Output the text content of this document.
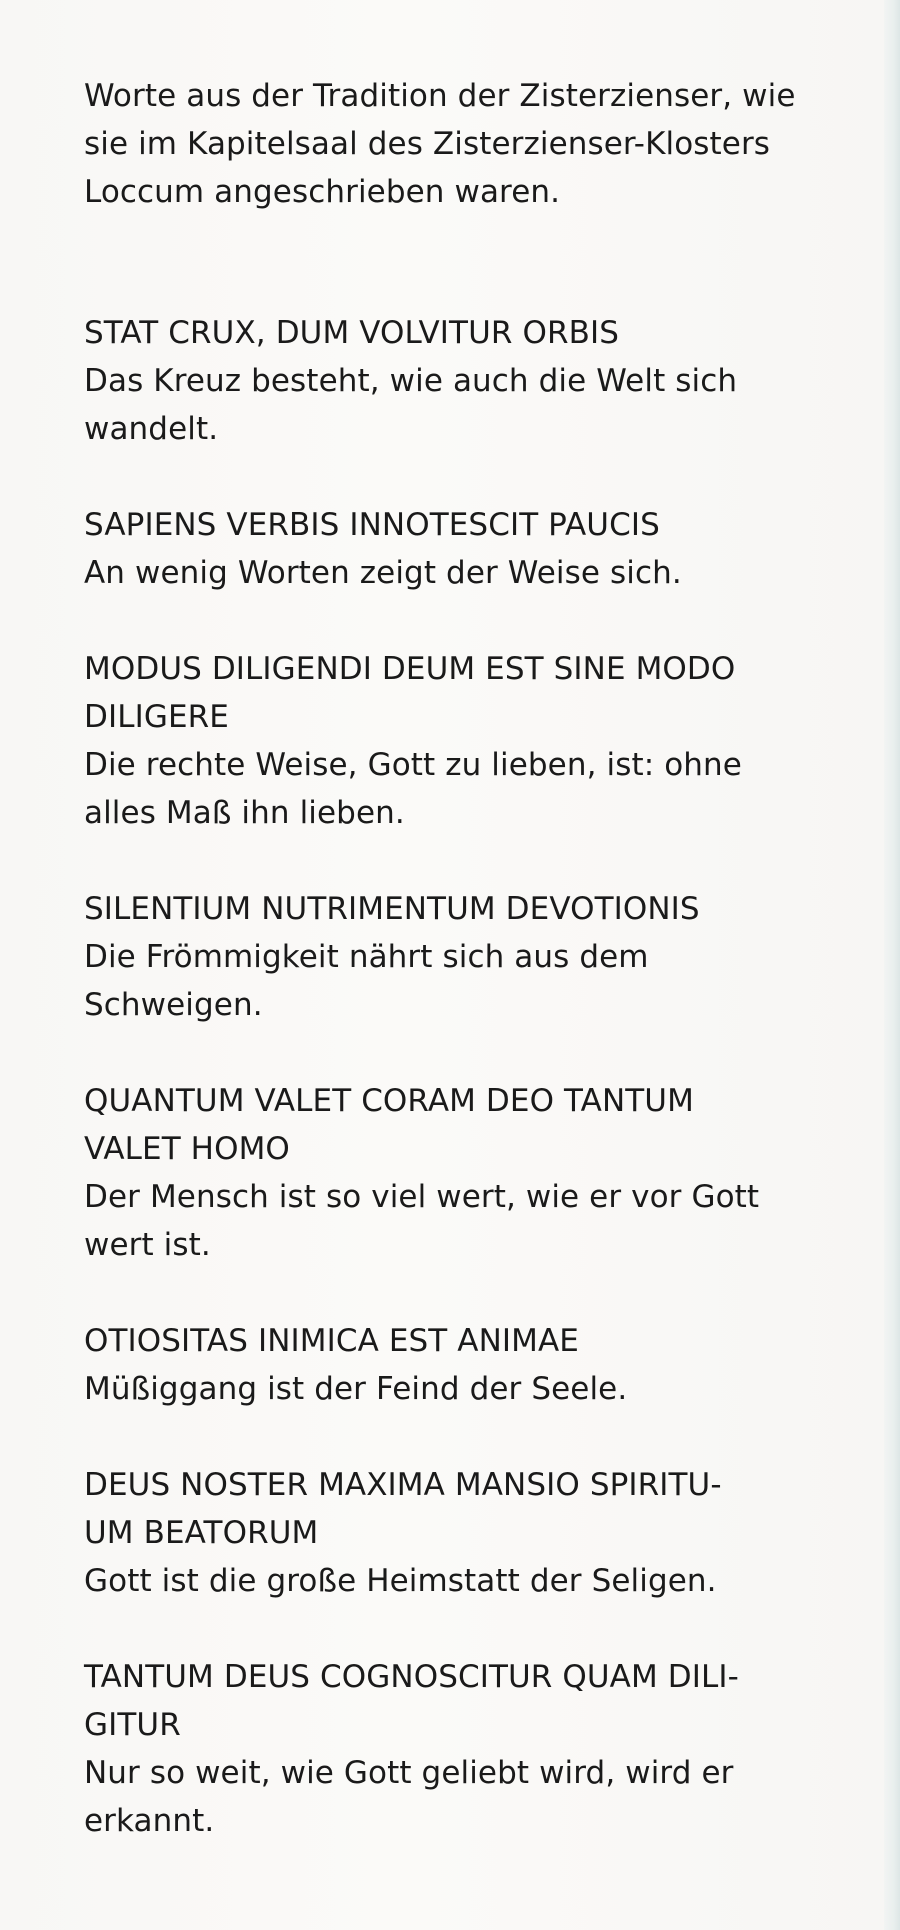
Worte aus der Tradition der Zisterzienser, wie
sie im Kapitelsaal des Zisterzienser-Klosters
Loccum angeschrieben waren.

STAT CRUX, DUM VOLVITUR ORBIS

Das Kreuz besteht, wie auch die Welt sich
wandelt.

SAPIENS VERBIS INNOTESCIT PAUCIS

An wenig Worten zeigt der Weise sich.

MODUS DILIGENDI DEUM EST SINE MODO
DILIGERE

Die rechte Weise, Gott zu lieben, ist: ohne
alles Maß ihn lieben.

SILENTIUM NUTRIMENTUM DEVOTIONIS

Die Frömmigkeit nährt sich aus dem
Schweigen.

QUANTUM VALET CORAM DEO TANTUM
VALET HOMO

Der Mensch ist so viel wert, wie er vor Gott
wert ist.

OTIOSITAS INIMICA EST ANIMAE

Müßiggang ist der Feind der Seele.

DEUS NOSTER MAXIMA MANSIO SPIRITU-
UM BEATORUM

Gott ist die große Heimstatt der Seligen.

TANTUM DEUS COGNOSCITUR QUAM DILI-
GITUR

Nur so weit, wie Gott geliebt wird, wird er
erkannt.
